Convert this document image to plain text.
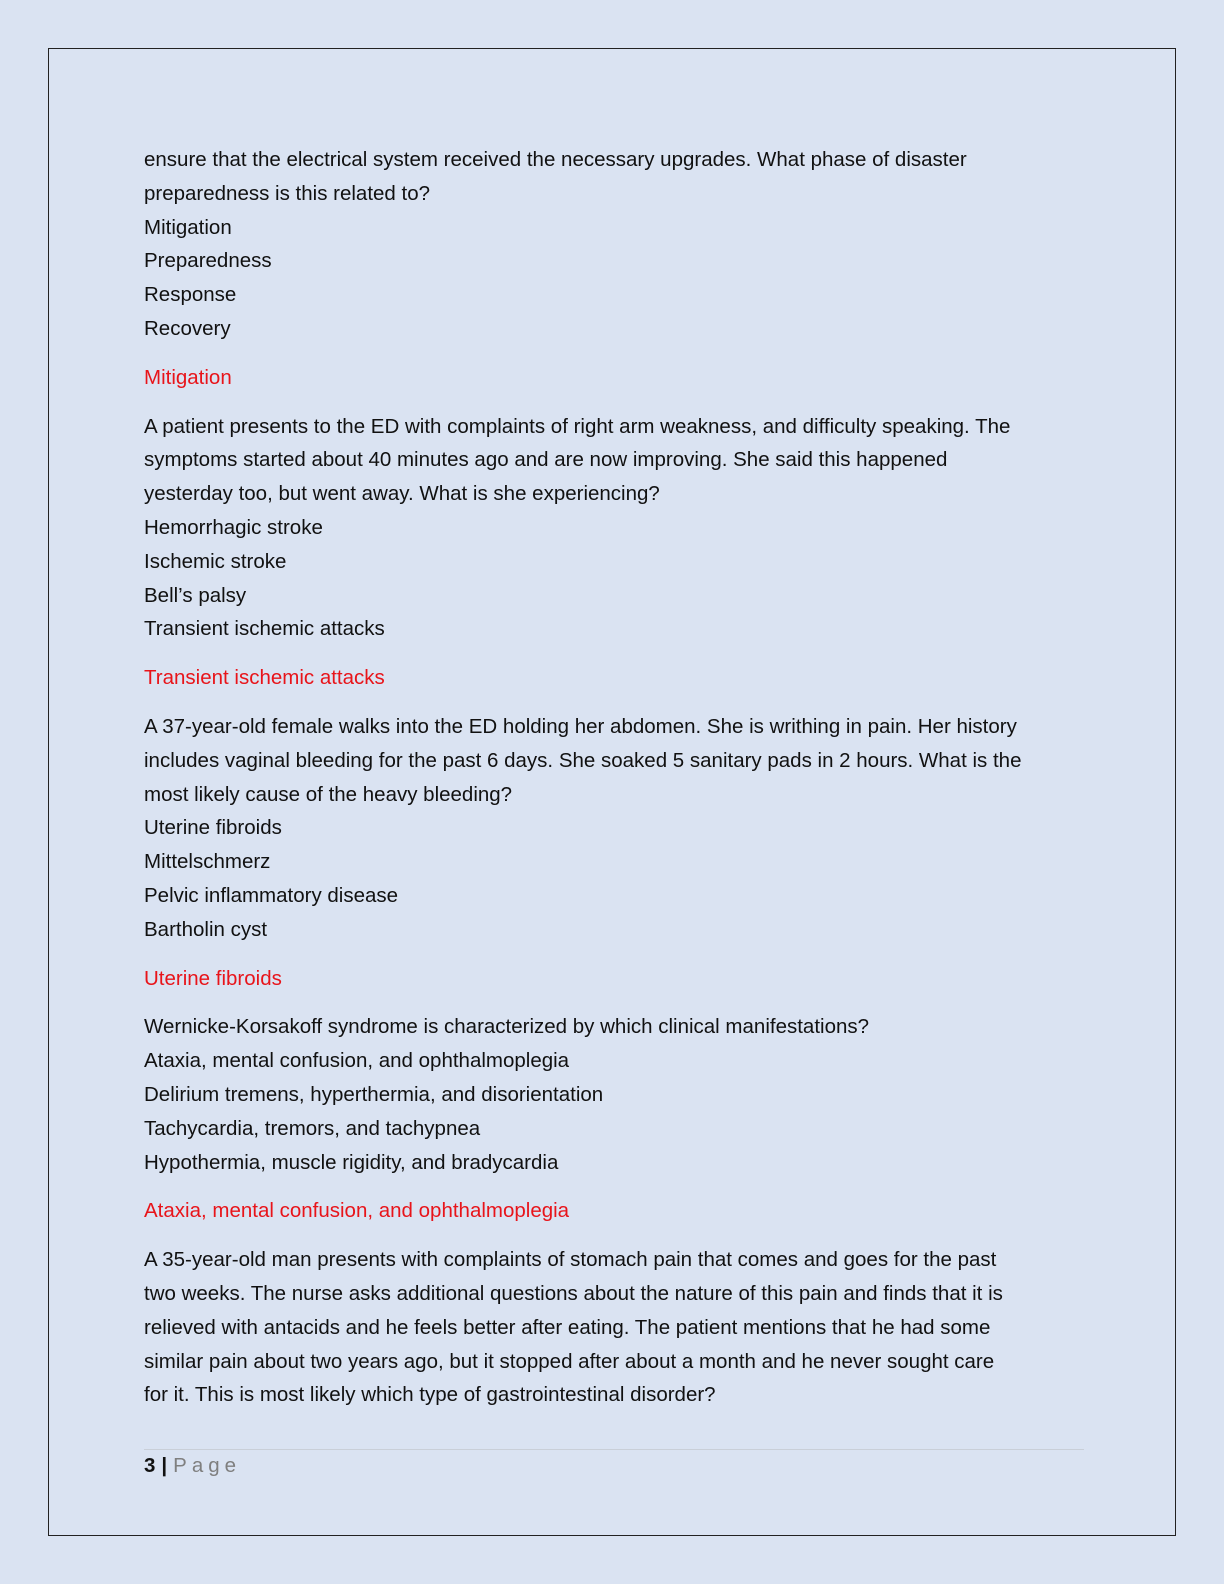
ensure that the electrical system received the necessary upgrades. What phase of disaster
preparedness is this related to?
Mitigation
Preparedness
Response
Recovery
Mitigation
A patient presents to the ED with complaints of right arm weakness, and difficulty speaking. The
symptoms started about 40 minutes ago and are now improving. She said this happened
yesterday too, but went away. What is she experiencing?
Hemorrhagic stroke
Ischemic stroke
Bell’s palsy
Transient ischemic attacks
Transient ischemic attacks
A 37-year-old female walks into the ED holding her abdomen. She is writhing in pain. Her history
includes vaginal bleeding for the past 6 days. She soaked 5 sanitary pads in 2 hours. What is the
most likely cause of the heavy bleeding?
Uterine fibroids
Mittelschmerz
Pelvic inflammatory disease
Bartholin cyst
Uterine fibroids
Wernicke-Korsakoff syndrome is characterized by which clinical manifestations?
Ataxia, mental confusion, and ophthalmoplegia
Delirium tremens, hyperthermia, and disorientation
Tachycardia, tremors, and tachypnea
Hypothermia, muscle rigidity, and bradycardia
Ataxia, mental confusion, and ophthalmoplegia
A 35-year-old man presents with complaints of stomach pain that comes and goes for the past
two weeks. The nurse asks additional questions about the nature of this pain and finds that it is
relieved with antacids and he feels better after eating. The patient mentions that he had some
similar pain about two years ago, but it stopped after about a month and he never sought care
for it. This is most likely which type of gastrointestinal disorder?
3 | Page
